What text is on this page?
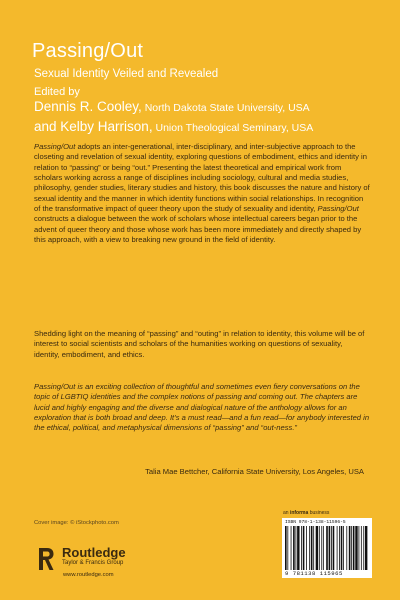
Passing/Out
Sexual Identity Veiled and Revealed
Edited by
Dennis R. Cooley, North Dakota State University, USA
and Kelby Harrison, Union Theological Seminary, USA

Passing/Out adopts an inter-generational, inter-disciplinary, and inter-subjective approach to the closeting and revelation of sexual identity, exploring questions of embodiment, ethics and identity in relation to “passing” or being “out.” Presenting the latest theoretical and empirical work from scholars working across a range of disciplines including sociology, cultural and media studies, philosophy, gender studies, literary studies and history, this book discusses the nature and history of sexual identity and the manner in which identity functions within social relationships. In recognition of the transformative impact of queer theory upon the study of sexuality and identity, Passing/Out constructs a dialogue between the work of scholars whose intellectual careers began prior to the advent of queer theory and those whose work has been more immediately and directly shaped by this approach, with a view to breaking new ground in the field of identity.

Shedding light on the meaning of “passing” and “outing” in relation to identity, this volume will be of interest to social scientists and scholars of the humanities working on questions of sexuality, identity, embodiment, and ethics.

Passing/Out is an exciting collection of thoughtful and sometimes even fiery conversations on the topic of LGBTIQ identities and the complex notions of passing and coming out. The chapters are lucid and highly engaging and the diverse and dialogical nature of the anthology allows for an exploration that is both broad and deep. It’s a must read—and a fun read—for anybody interested in the ethical, political, and metaphysical dimensions of “passing” and “out-ness.”

Talia Mae Bettcher, California State University, Los Angeles, USA

Cover image: © iStockphoto.com
an informa business
ISBN 978-1-138-11596-5
9 781138 115965
Routledge
Taylor & Francis Group
www.routledge.com
